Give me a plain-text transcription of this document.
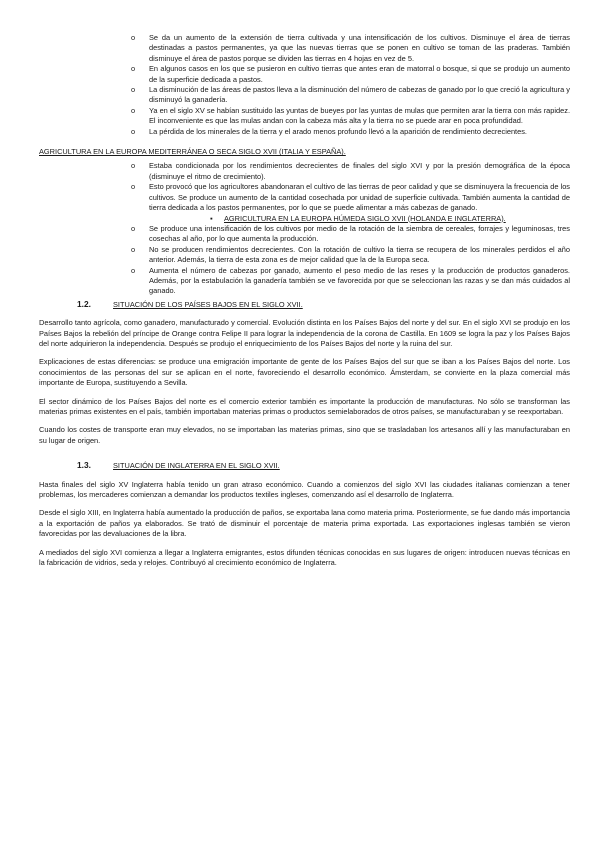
o Se da un aumento de la extensión de tierra cultivada y una intensificación de los cultivos. Disminuye el área de tierras destinadas a pastos permanentes, ya que las nuevas tierras que se ponen en cultivo se toman de las praderas. También disminuye el área de pastos porque se dividen las tierras en 4 hojas en vez de 5.
o En algunos casos en los que se pusieron en cultivo tierras que antes eran de matorral o bosque, si que se produjo un aumento de la superficie dedicada a pastos.
o La disminución de las áreas de pastos lleva a la disminución del número de cabezas de ganado por lo que creció la agricultura y disminuyó la ganadería.
o Ya en el siglo XV se habían sustituido las yuntas de bueyes por las yuntas de mulas que permiten arar la tierra con más rapidez. El inconveniente es que las mulas andan con la cabeza más alta y la tierra no se puede arar en poca profundidad.
o La pérdida de los minerales de la tierra y el arado menos profundo llevó a la aparición de rendimiento decrecientes.
AGRICULTURA EN LA EUROPA MEDITERRÁNEA O SECA SIGLO XVII (ITALIA Y ESPAÑA).
o Estaba condicionada por los rendimientos decrecientes de finales del siglo XVI y por la presión demográfica de la época (disminuye el ritmo de crecimiento).
o Esto provocó que los agricultores abandonaran el cultivo de las tierras de peor calidad y que se disminuyera la frecuencia de los cultivos. Se produce un aumento de la cantidad cosechada por unidad de superficie cultivada. También aumenta la cantidad de tierra dedicada a los pastos permanentes, por lo que se puede alimentar a más cabezas de ganado.
▪ AGRICULTURA EN LA EUROPA HÚMEDA SIGLO XVII (HOLANDA E INGLATERRA).
o Se produce una intensificación de los cultivos por medio de la rotación de la siembra de cereales, forrajes y leguminosas, tres cosechas al año, por lo que aumenta la producción.
o No se producen rendimientos decrecientes. Con la rotación de cultivo la tierra se recupera de los minerales perdidos el año anterior. Además, la tierra de esta zona es de mejor calidad que la de la Europa seca.
o Aumenta el número de cabezas por ganado, aumento el peso medio de las reses y la producción de productos ganaderos. Además, por la estabulación la ganadería también se ve favorecida por que se seleccionan las razas y se dan más cuidados al ganado.
1.2.	SITUACIÓN DE LOS PAÍSES BAJOS EN EL SIGLO XVII.

Desarrollo tanto agrícola, como ganadero, manufacturado y comercial. Evolución distinta en los Países Bajos del norte y del sur. En el siglo XVI se produjo en los Países Bajos la rebelión del príncipe de Orange contra Felipe II para lograr la independencia de la corona de Castilla. En 1609 se logra la paz y los Países Bajos del norte adquirieron la independencia. Después se produjo el enriquecimiento de los Países Bajos del norte y la ruina del sur.

Explicaciones de estas diferencias: se produce una emigración importante de gente de los Países Bajos del sur que se iban a los Países Bajos del norte. Los conocimientos de las personas del sur se aplican en el norte, favoreciendo el desarrollo económico. Ámsterdam, se convierte en la plaza comercial más importante de Europa, sustituyendo a Sevilla.

El sector dinámico de los Países Bajos del norte es el comercio exterior también es importante la producción de manufacturas. No sólo se transforman las materias primas existentes en el país, también importaban materias primas o productos semielaborados de otros países, se manufacturaban y se reexportaban.

Cuando los costes de transporte eran muy elevados, no se importaban las materias primas, sino que se trasladaban los artesanos allí y las manufacturaban en su lugar de origen.

1.3.	SITUACIÓN DE INGLATERRA EN EL SIGLO XVII.

Hasta finales del siglo XV Inglaterra había tenido un gran atraso económico. Cuando a comienzos del siglo XVI las ciudades italianas comienzan a tener problemas, los mercaderes comienzan a demandar los productos textiles ingleses, comenzando así el desarrollo de Inglaterra.

Desde el siglo XIII, en Inglaterra había aumentado la producción de paños, se exportaba lana como materia prima. Posteriormente, se fue dando más importancia a la exportación de paños ya elaborados. Se trató de disminuir el porcentaje de materia prima exportada. Las exportaciones inglesas también se vieron favorecidas por las devaluaciones de la libra.

A mediados del siglo XVI comienza a llegar a Inglaterra emigrantes, estos difunden técnicas conocidas en sus lugares de origen: introducen nuevas técnicas en la fabricación de vidrios, seda y relojes. Contribuyó al crecimiento económico de Inglaterra.
